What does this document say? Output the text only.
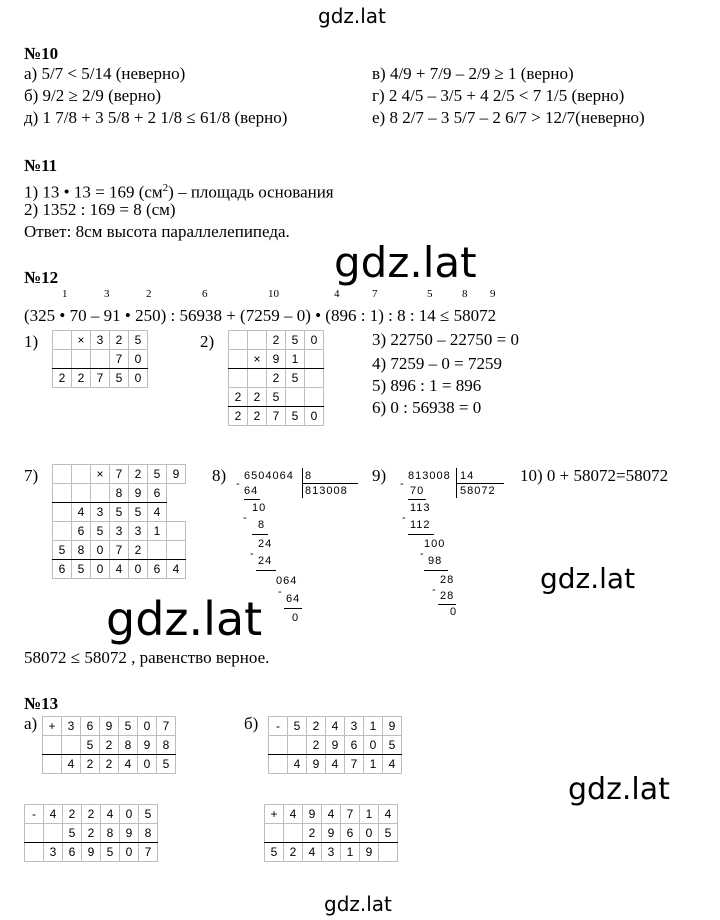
gdz.lat
gdz.lat
gdz.lat
gdz.lat
gdz.lat
gdz.lat
№10
а) 5/7 < 5/14 (неверно)
б) 9/2 ≥ 2/9 (верно)
д) 1 7/8 + 3 5/8 + 2 1/8 ≤ 61/8 (верно)
в) 4/9 + 7/9 – 2/9 ≥ 1 (верно)
г) 2 4/5 – 3/5 + 4 2/5 < 7 1/5 (верно)
е) 8 2/7 – 3 5/7 – 2 6/7 > 12/7(неверно)
№11
1) 13 • 13 = 169 $(см^2)$ – площадь основания
2) 1352 : 169 = 8 (см)
Ответ: 8см высота параллелепипеда.
№12
1	3	2	6	10	4	7	5	8 9
(325 • 70 – 91 • 250) : 56938 + (7259 – 0) • (896 : 1) : 8 : 14 ≤ 58072
1)
		×	3	2	5
			7	0
2	2	7	5	0
2)
			2	5	0
	×	9	1	
		2	5	
2	2	5		
2	2	7	5	0
3) 22750 – 22750 = 0
4) 7259 – 0 = 7259
5) 896 : 1 = 896
6) 0 : 56938 = 0
7)
			×	7	2	5	9
			8	9	6	
	4	3	5	5	4	
	6	5	3	3	1	
5	8	0	7	2		
6	5	0	4	0	6	4
8) 6504064 8
813008
-
64
10
-
8
24
-
24
064
-
64
0
9) 813008 14
58072
-
70
113
-
112
100
-
98
28
- 28
0
10) 0 + 58072=58072
58072 ≤ 58072 , равенство верное.
№13
а) +	3	6	9	5	0	7
		5	2	8	9	8
	4	2	2	4	0	5
б) -	5	2	4	3	1	9
		2	9	6	0	5
	4	9	4	7	1	4
-	4	2	2	4	0	5
		5	2	8	9	8
	3	6	9	5	0	7
+	4	9	4	7	1	4
		2	9	6	0	5
5	2	4	3	1	9	
